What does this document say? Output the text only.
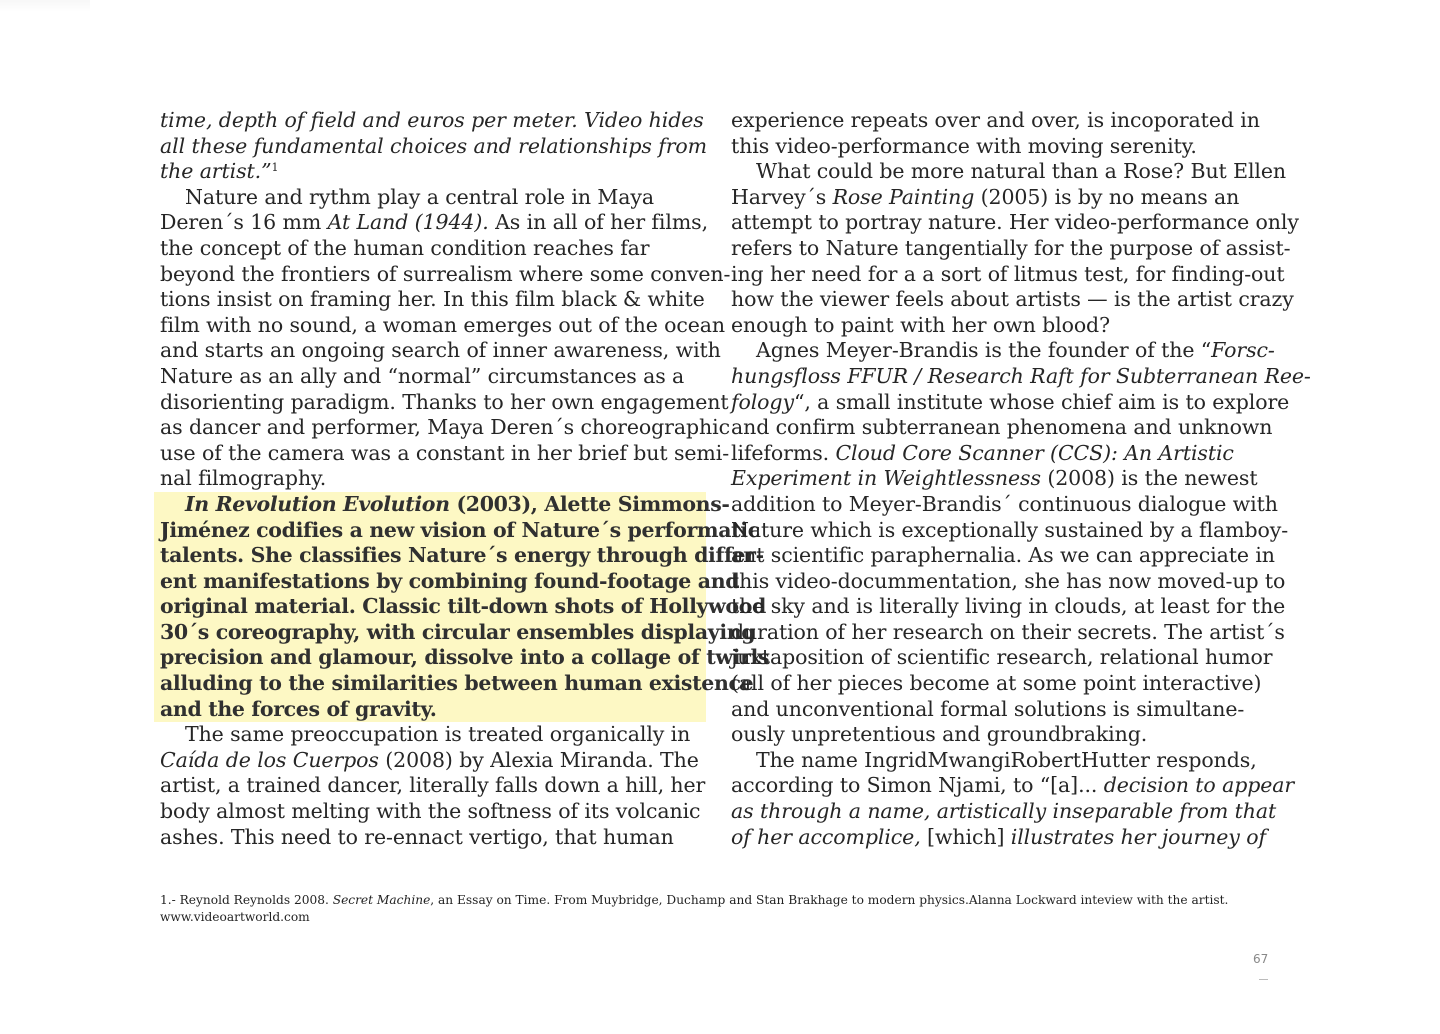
time, depth of field and euros per meter. Video hides
all these fundamental choices and relationships from
the artist.”$^1$
Nature and rythm play a central role in Maya
Deren´s 16 mm At Land (1944). As in all of her films,
the concept of the human condition reaches far
beyond the frontiers of surrealism where some conven-
tions insist on framing her. In this film black & white
film with no sound, a woman emerges out of the ocean
and starts an ongoing search of inner awareness, with
Nature as an ally and “normal” circumstances as a
disorienting paradigm. Thanks to her own engagement
as dancer and performer, Maya Deren´s choreographic
use of the camera was a constant in her brief but semi-
nal filmography.
In Revolution Evolution (2003), Alette Simmons-
Jiménez codifies a new vision of Nature´s performatic
talents. She classifies Nature´s energy through differ-
ent manifestations by combining found-footage and
original material. Classic tilt-down shots of Hollywood
30´s coreography, with circular ensembles displaying
precision and glamour, dissolve into a collage of twirls
alluding to the similarities between human existence
and the forces of gravity.
The same preoccupation is treated organically in
Caída de los Cuerpos (2008) by Alexia Miranda. The
artist, a trained dancer, literally falls down a hill, her
body almost melting with the softness of its volcanic
ashes. This need to re-ennact vertigo, that human
experience repeats over and over, is incoporated in
this video-performance with moving serenity.
What could be more natural than a Rose? But Ellen
Harvey´s Rose Painting (2005) is by no means an
attempt to portray nature. Her video-performance only
refers to Nature tangentially for the purpose of assist-
ing her need for a a sort of litmus test, for finding-out
how the viewer feels about artists — is the artist crazy
enough to paint with her own blood?
Agnes Meyer-Brandis is the founder of the “Forsc-
hungsfloss FFUR / Research Raft for Subterranean Ree-
fology“, a small institute whose chief aim is to explore
and confirm subterranean phenomena and unknown
lifeforms. Cloud Core Scanner (CCS): An Artistic
Experiment in Weightlessness (2008) is the newest
addition to Meyer-Brandis´ continuous dialogue with
Nature which is exceptionally sustained by a flamboy-
ant scientific paraphernalia. As we can appreciate in
this video-docummentation, she has now moved-up to
the sky and is literally living in clouds, at least for the
duration of her research on their secrets. The artist´s
juxtaposition of scientific research, relational humor
(all of her pieces become at some point interactive)
and unconventional formal solutions is simultane-
ously unpretentious and groundbraking.
The name IngridMwangiRobertHutter responds,
according to Simon Njami, to “[a]... decision to appear
as through a name, artistically inseparable from that
of her accomplice, [which] illustrates her journey of
1.- Reynold Reynolds 2008. Secret Machine, an Essay on Time. From Muybridge, Duchamp and Stan Brakhage to modern physics.Alanna Lockward inteview with the artist.
www.videoartworld.com
67
